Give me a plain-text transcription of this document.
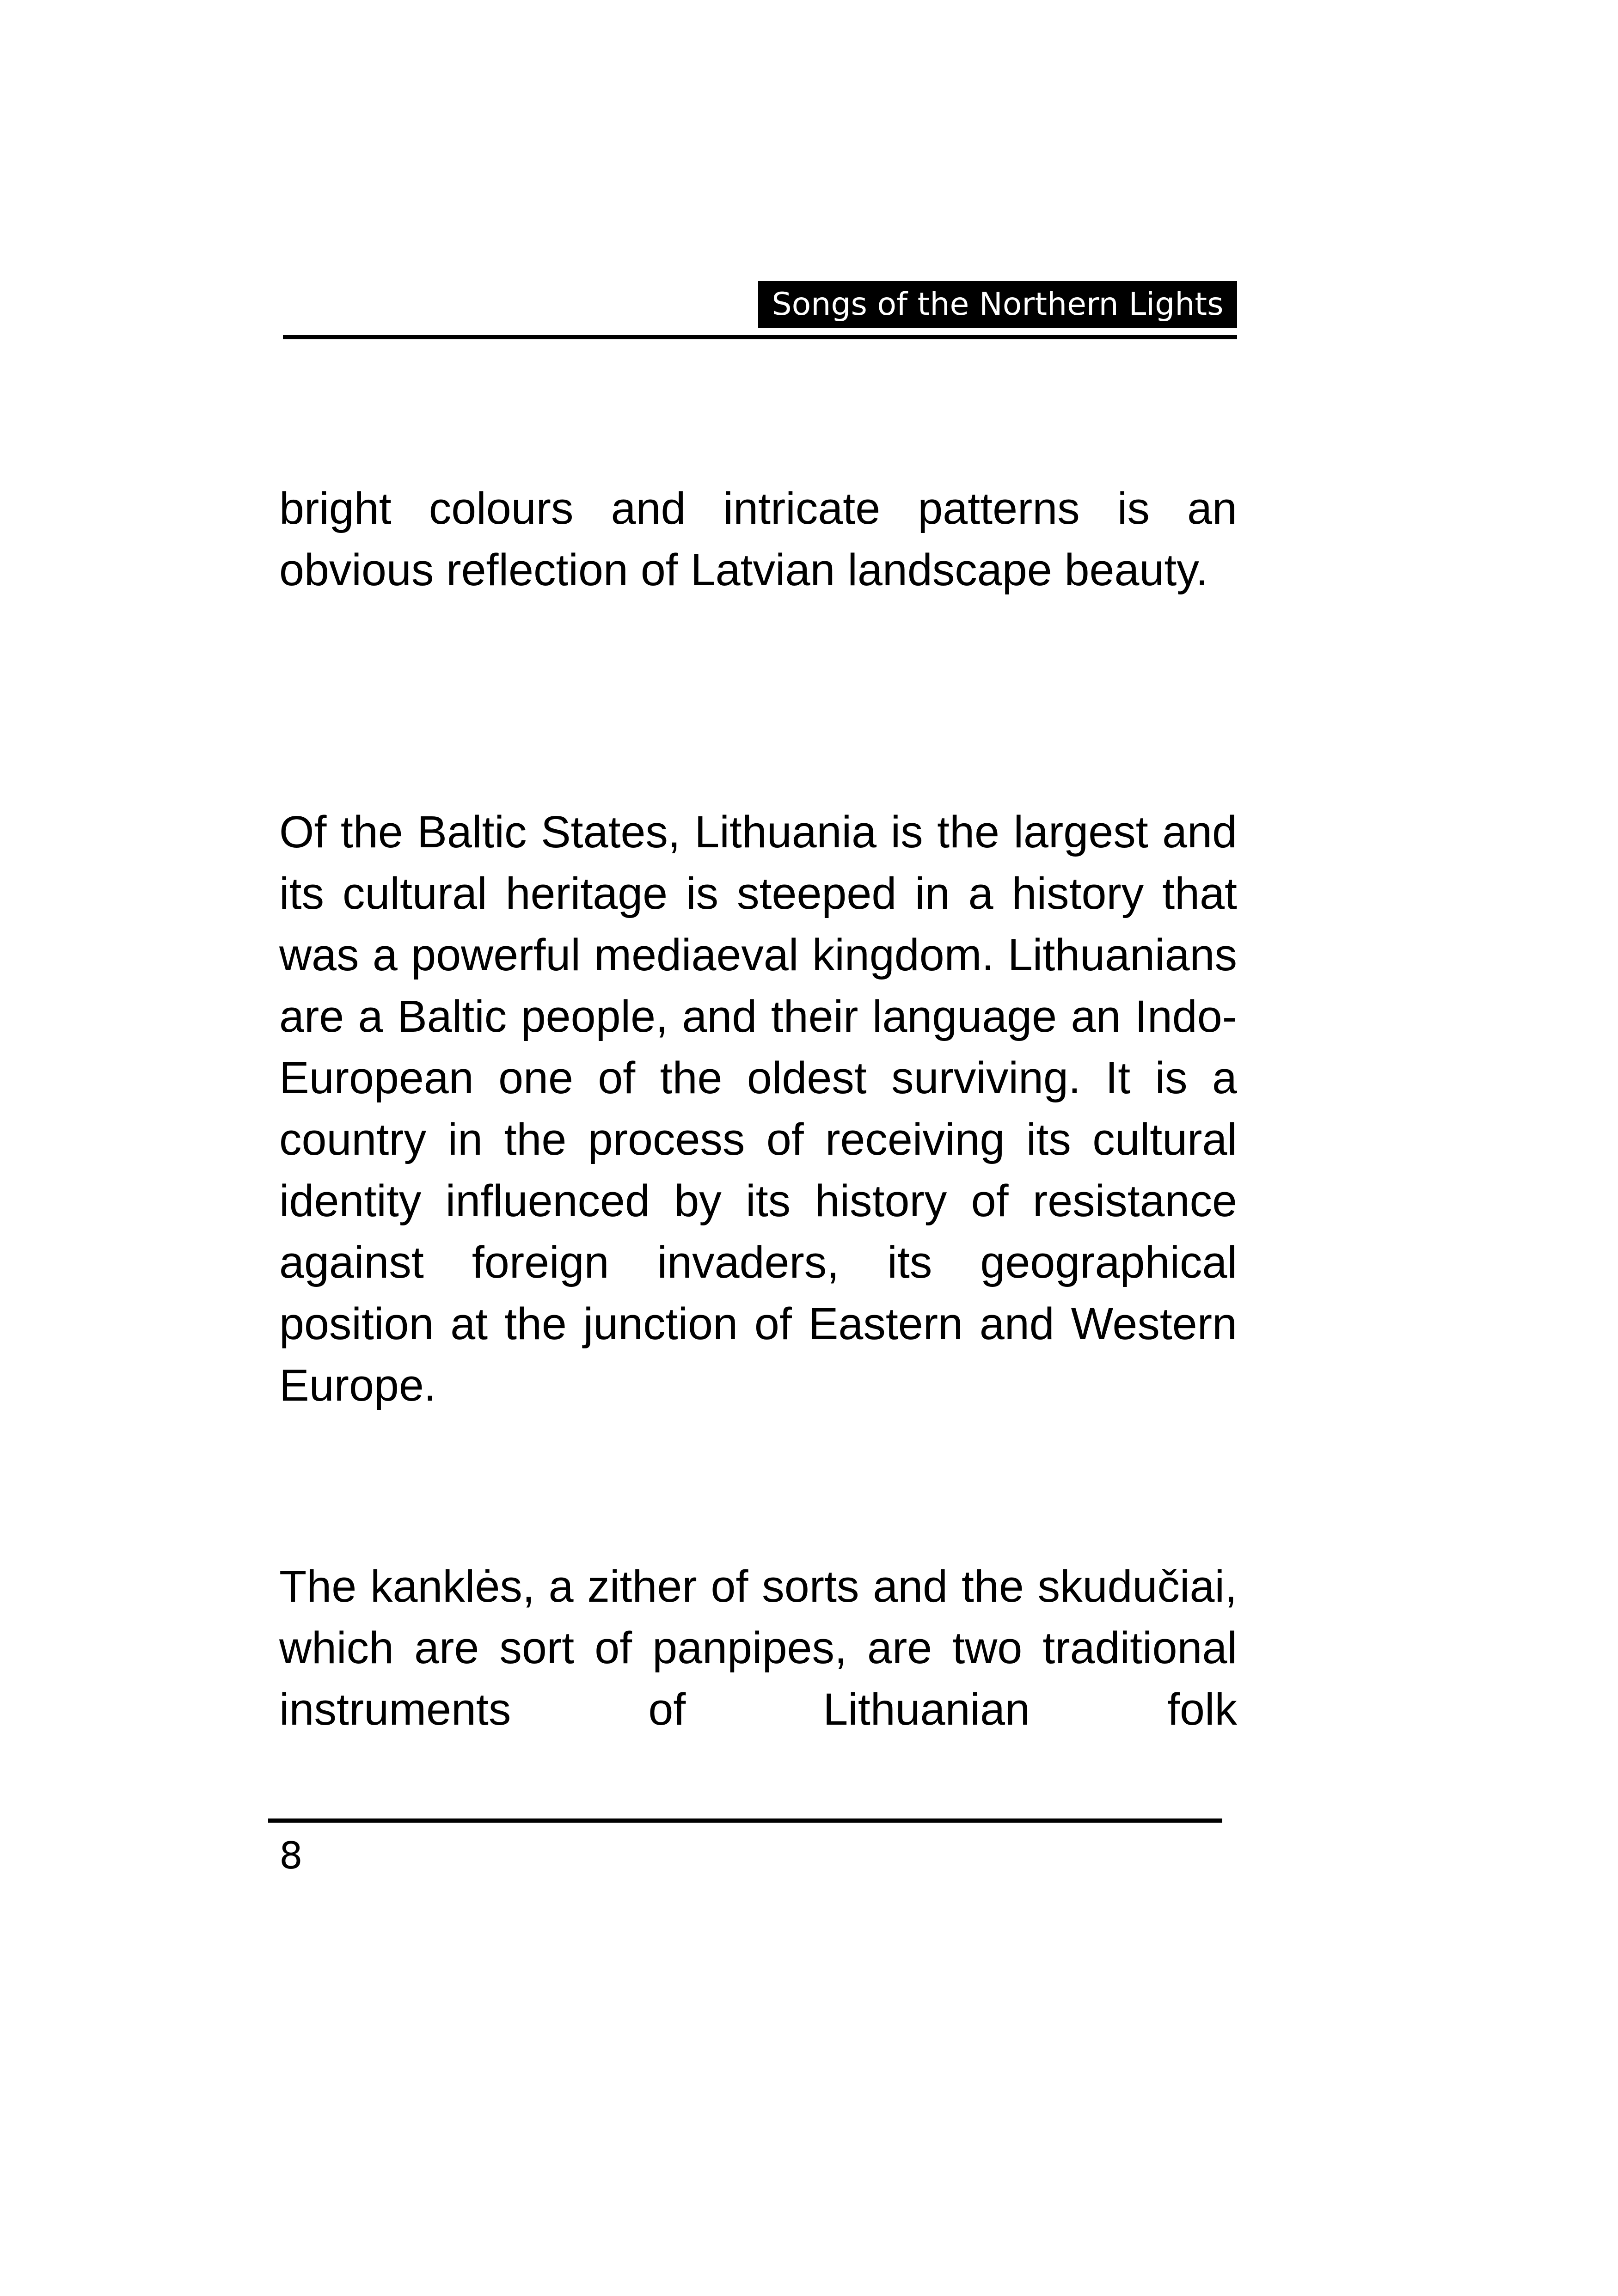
Songs of the Northern Lights

bright colours and intricate patterns is an obvious reflection of Latvian landscape beauty.

Of the Baltic States, Lithuania is the largest and its cultural heritage is steeped in a history that was a powerful mediaeval kingdom. Lithuanians are a Baltic people, and their language an Indo-European one of the oldest surviving. It is a country in the process of receiving its cultural identity influenced by its history of resistance against foreign invaders, its geographical position at the junction of Eastern and Western Europe.

The kanklės, a zither of sorts and the skudučiai, which are sort of panpipes, are two traditional instruments of Lithuanian folk

8
